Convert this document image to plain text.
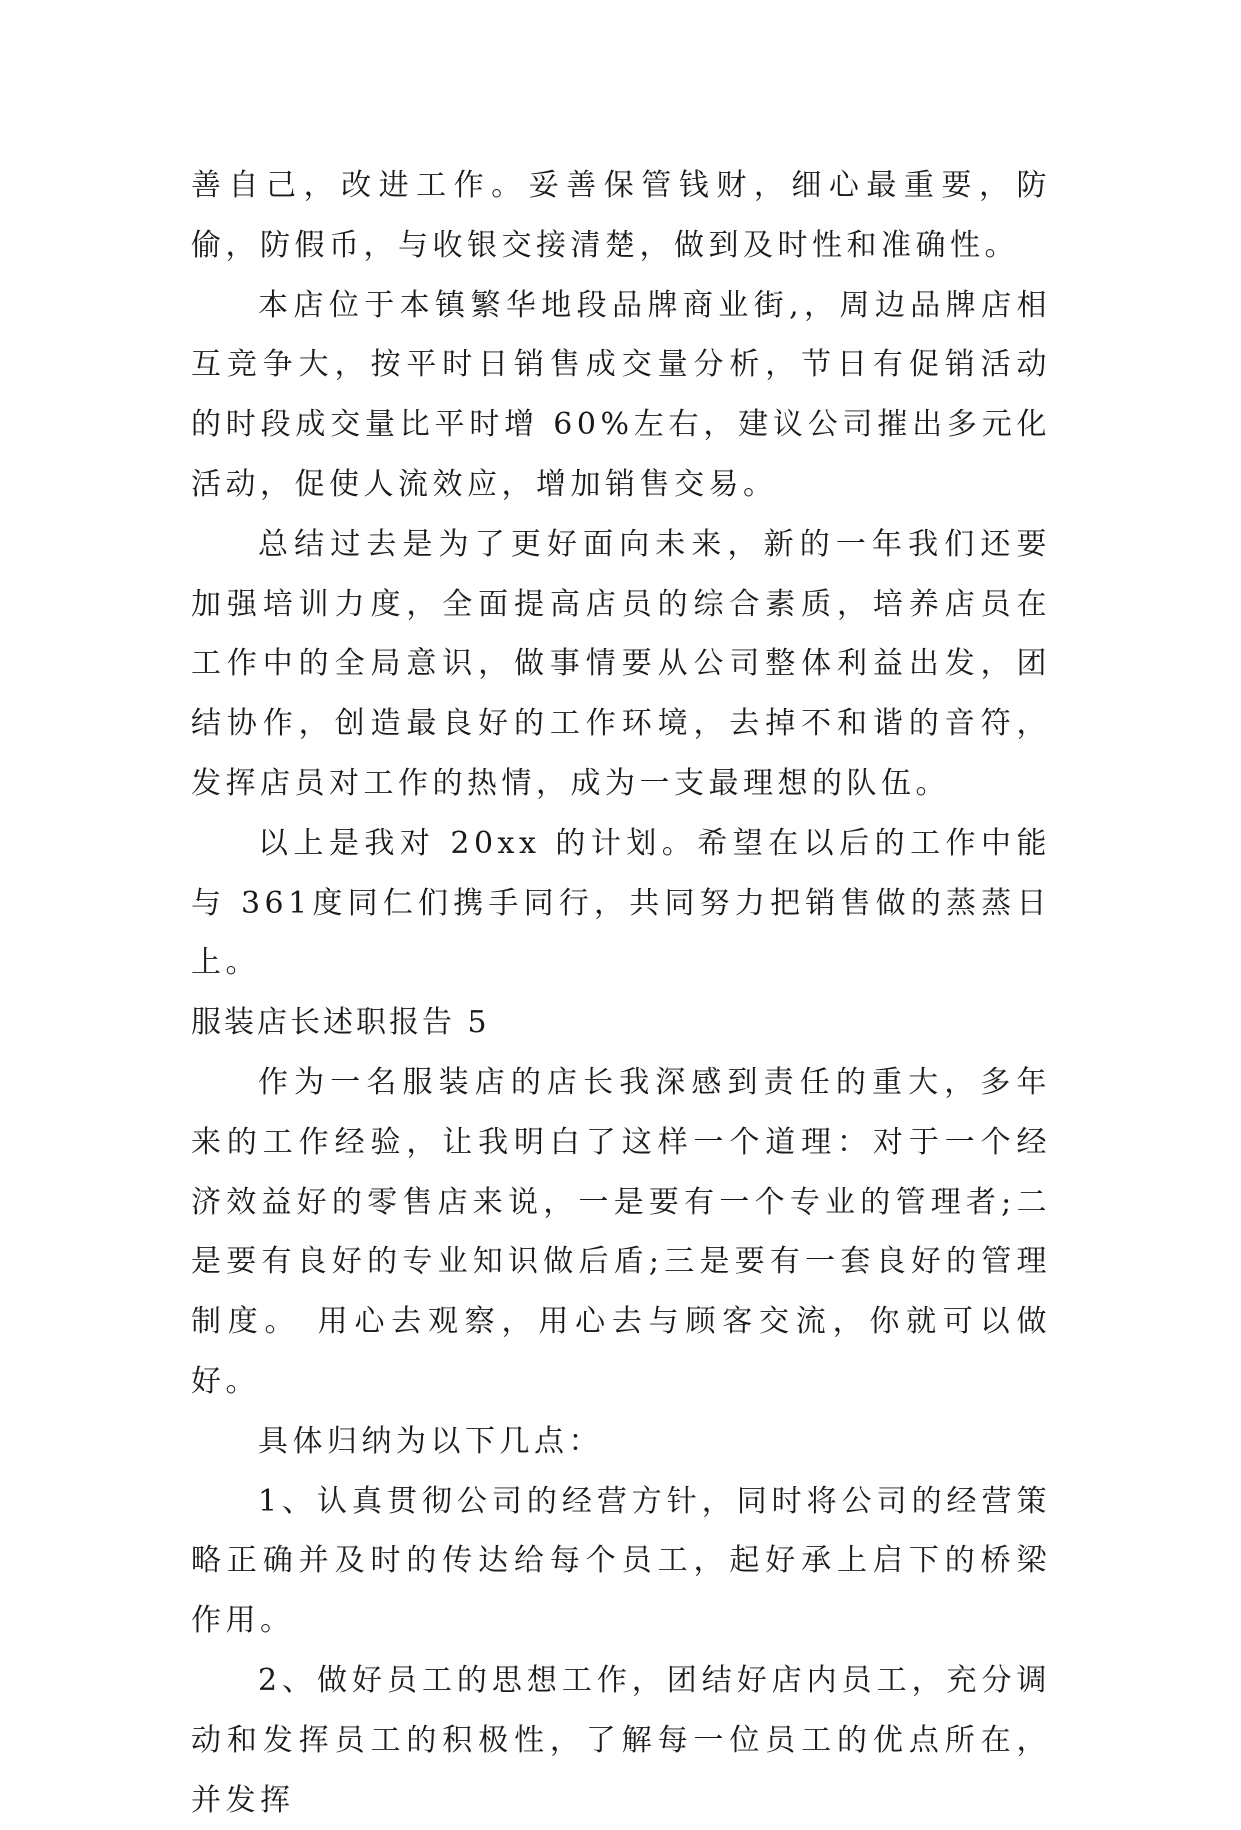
善自己，改进工作。妥善保管钱财，细心最重要，防偷，防假币，与收银交接清楚，做到及时性和准确性。

本店位于本镇繁华地段品牌商业街,，周边品牌店相互竞争大，按平时日销售成交量分析，节日有促销活动的时段成交量比平时增 60%左右，建议公司摧出多元化活动，促使人流效应，增加销售交易。

总结过去是为了更好面向未来，新的一年我们还要加强培训力度，全面提高店员的综合素质，培养店员在工作中的全局意识，做事情要从公司整体利益出发，团结协作，创造最良好的工作环境，去掉不和谐的音符，发挥店员对工作的热情，成为一支最理想的队伍。

以上是我对 20xx 的计划。希望在以后的工作中能与 361度同仁们携手同行，共同努力把销售做的蒸蒸日上。

服装店长述职报告 5

作为一名服装店的店长我深感到责任的重大，多年来的工作经验，让我明白了这样一个道理：对于一个经济效益好的零售店来说，一是要有一个专业的管理者;二是要有良好的专业知识做后盾;三是要有一套良好的管理制度。 用心去观察，用心去与顾客交流，你就可以做好。

具体归纳为以下几点：

1、认真贯彻公司的经营方针，同时将公司的经营策略正确并及时的传达给每个员工，起好承上启下的桥梁作用。

2、做好员工的思想工作，团结好店内员工，充分调动和发挥员工的积极性，了解每一位员工的优点所在，并发挥
